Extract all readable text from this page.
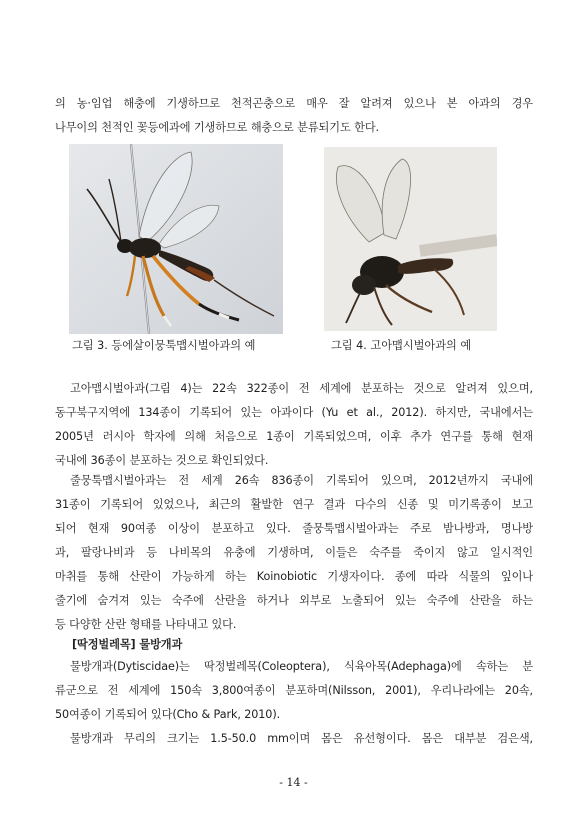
의 농·임업 해충에 기생하므로 천적곤충으로 매우 잘 알려져 있으나 본 아과의 경우
나무이의 천적인 꽃등에과에 기생하므로 해충으로 분류되기도 한다.
그림 3. 등에살이뭉툭맵시벌아과의 예	그림 4. 고아맵시벌아과의 예
고아맵시벌아과(그림 4)는 22속 322종이 전 세계에 분포하는 것으로 알려져 있으며,
동구북구지역에 134종이 기록되어 있는 아과이다 (Yu et al., 2012). 하지만, 국내에서는
2005년 러시아 학자에 의해 처음으로 1종이 기록되었으며, 이후 추가 연구를 통해 현재
국내에 36종이 분포하는 것으로 확인되었다.
줄뭉툭맵시벌아과는 전 세계 26속 836종이 기록되어 있으며, 2012년까지 국내에
31종이 기록되어 있었으나, 최근의 활발한 연구 결과 다수의 신종 및 미기록종이 보고
되어 현재 90여종 이상이 분포하고 있다. 줄뭉툭맵시벌아과는 주로 밤나방과, 명나방
과, 팔랑나비과 등 나비목의 유충에 기생하며, 이들은 숙주를 죽이지 않고 일시적인
마취를 통해 산란이 가능하게 하는 Koinobiotic 기생자이다. 종에 따라 식물의 잎이나
줄기에 숨겨져 있는 숙주에 산란을 하거나 외부로 노출되어 있는 숙주에 산란을 하는
등 다양한 산란 형태를 나타내고 있다.
[딱정벌레목] 물방개과
물방개과(Dytiscidae)는 딱정벌레목(Coleoptera), 식육아목(Adephaga)에 속하는 분
류군으로 전 세계에 150속 3,800여종이 분포하며(Nilsson, 2001), 우리나라에는 20속,
50여종이 기록되어 있다(Cho & Park, 2010).
물방개과 무리의 크기는 1.5-50.0 mm이며 몸은 유선형이다. 몸은 대부분 검은색,
- 14 -
